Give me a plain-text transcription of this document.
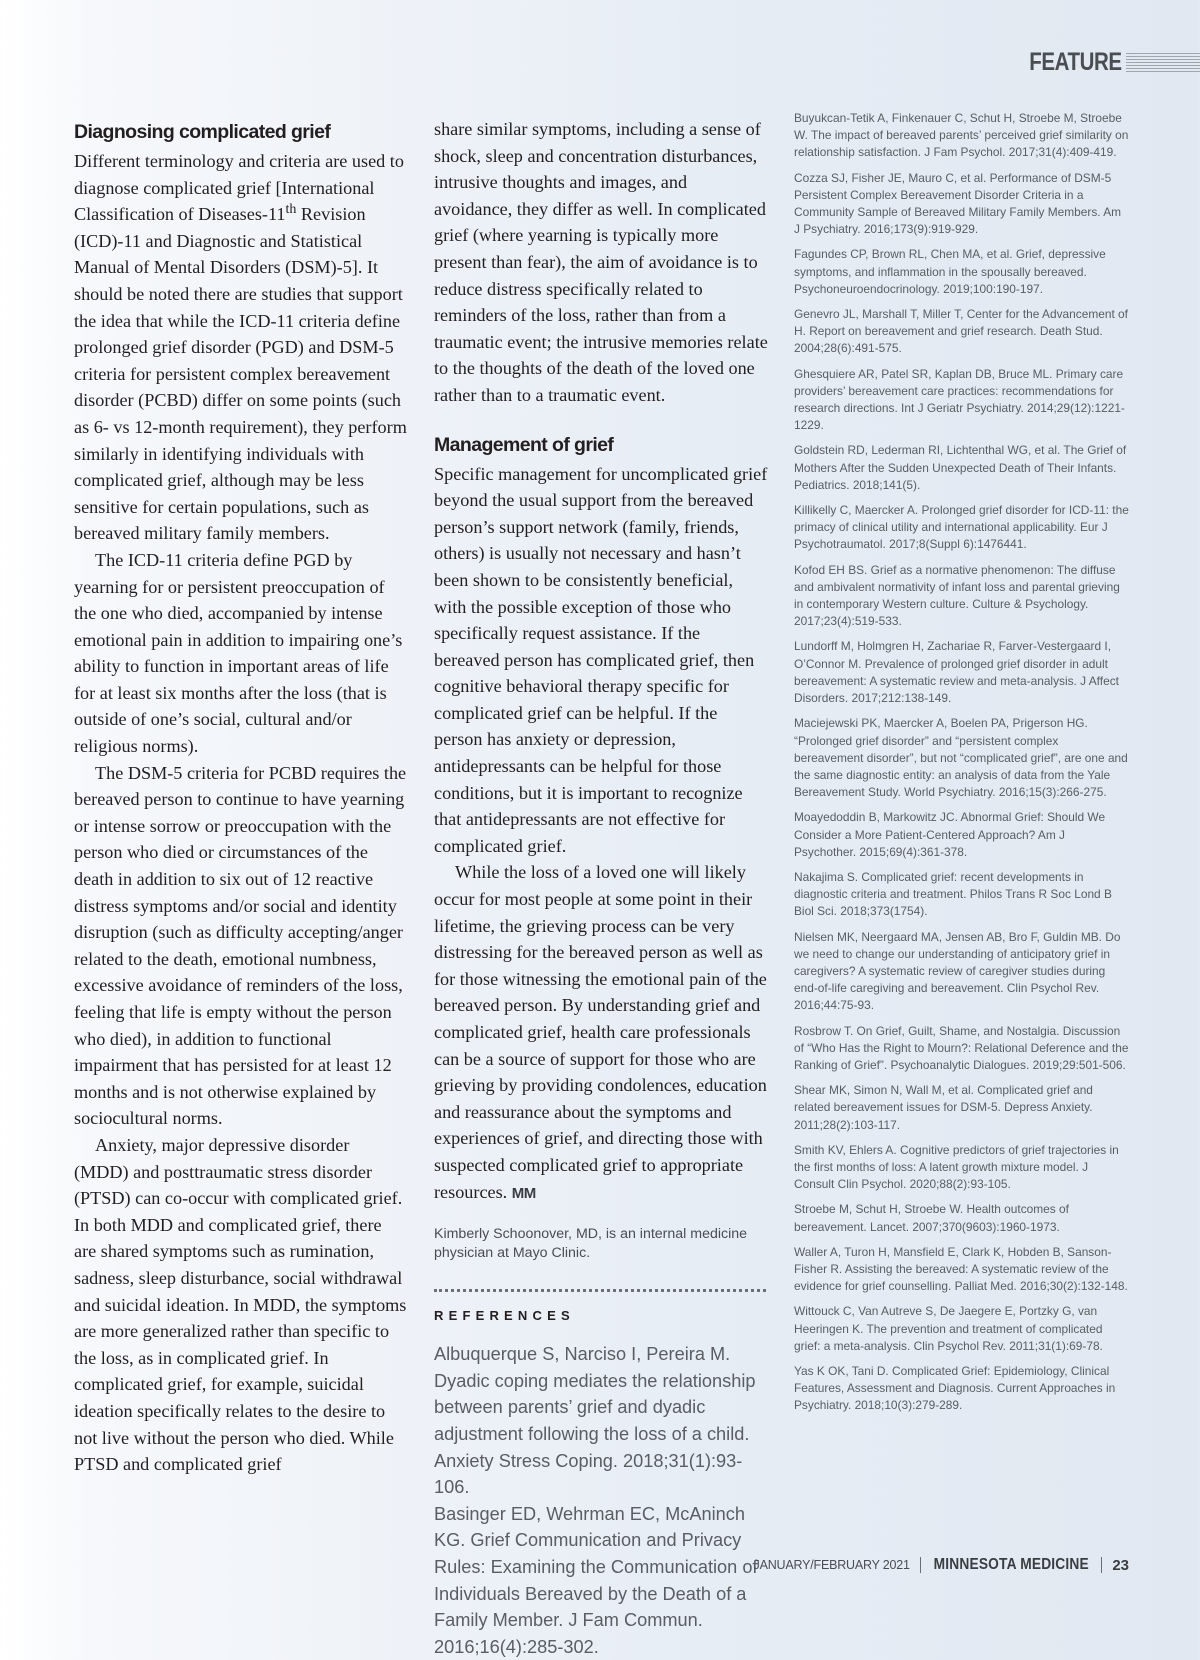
FEATURE
Diagnosing complicated grief

Different terminology and criteria are used to diagnose complicated grief [International Classification of Diseases-11th Revision (ICD)-11 and Diagnostic and Statistical Manual of Mental Disorders (DSM)-5]. It should be noted there are studies that support the idea that while the ICD-11 criteria define prolonged grief disorder (PGD) and DSM-5 criteria for persistent complex bereavement disorder (PCBD) differ on some points (such as 6- vs 12-month requirement), they perform similarly in identifying individuals with complicated grief, although may be less sensitive for certain populations, such as bereaved military family members.

The ICD-11 criteria define PGD by yearning for or persistent preoccupation of the one who died, accompanied by intense emotional pain in addition to impairing one’s ability to function in important areas of life for at least six months after the loss (that is outside of one’s social, cultural and/or religious norms).

The DSM-5 criteria for PCBD requires the bereaved person to continue to have yearning or intense sorrow or preoccupation with the person who died or circumstances of the death in addition to six out of 12 reactive distress symptoms and/or social and identity disruption (such as difficulty accepting/anger related to the death, emotional numbness, excessive avoidance of reminders of the loss, feeling that life is empty without the person who died), in addition to functional impairment that has persisted for at least 12 months and is not otherwise explained by sociocultural norms.

Anxiety, major depressive disorder (MDD) and posttraumatic stress disorder (PTSD) can co-occur with complicated grief. In both MDD and complicated grief, there are shared symptoms such as rumination, sadness, sleep disturbance, social withdrawal and suicidal ideation. In MDD, the symptoms are more generalized rather than specific to the loss, as in complicated grief. In complicated grief, for example, suicidal ideation specifically relates to the desire to not live without the person who died. While PTSD and complicated grief

share similar symptoms, including a sense of shock, sleep and concentration disturbances, intrusive thoughts and images, and avoidance, they differ as well. In complicated grief (where yearning is typically more present than fear), the aim of avoidance is to reduce distress specifically related to reminders of the loss, rather than from a traumatic event; the intrusive memories relate to the thoughts of the death of the loved one rather than to a traumatic event.

Management of grief

Specific management for uncomplicated grief beyond the usual support from the bereaved person’s support network (family, friends, others) is usually not necessary and hasn’t been shown to be consistently beneficial, with the possible exception of those who specifically request assistance. If the bereaved person has complicated grief, then cognitive behavioral therapy specific for complicated grief can be helpful. If the person has anxiety or depression, antidepressants can be helpful for those conditions, but it is important to recognize that antidepressants are not effective for complicated grief.

While the loss of a loved one will likely occur for most people at some point in their lifetime, the grieving process can be very distressing for the bereaved person as well as for those witnessing the emotional pain of the bereaved person. By understanding grief and complicated grief, health care professionals can be a source of support for those who are grieving by providing condolences, education and reassurance about the symptoms and experiences of grief, and directing those with suspected complicated grief to appropriate resources. MM

Kimberly Schoonover, MD, is an internal medicine physician at Mayo Clinic.
REFERENCES

Albuquerque S, Narciso I, Pereira M. Dyadic coping mediates the relationship between parents’ grief and dyadic adjustment following the loss of a child. Anxiety Stress Coping. 2018;31(1):93-106.

Basinger ED, Wehrman EC, McAninch KG. Grief Communication and Privacy Rules: Examining the Communication of Individuals Bereaved by the Death of a Family Member. J Fam Commun. 2016;16(4):285-302.

Buyukcan-Tetik A, Finkenauer C, Schut H, Stroebe M, Stroebe W. The impact of bereaved parents’ perceived grief similarity on relationship satisfaction. J Fam Psychol. 2017;31(4):409-419.

Cozza SJ, Fisher JE, Mauro C, et al. Performance of DSM-5 Persistent Complex Bereavement Disorder Criteria in a Community Sample of Bereaved Military Family Members. Am J Psychiatry. 2016;173(9):919-929.

Fagundes CP, Brown RL, Chen MA, et al. Grief, depressive symptoms, and inflammation in the spousally bereaved. Psychoneuroendocrinology. 2019;100:190-197.

Genevro JL, Marshall T, Miller T, Center for the Advancement of H. Report on bereavement and grief research. Death Stud. 2004;28(6):491-575.

Ghesquiere AR, Patel SR, Kaplan DB, Bruce ML. Primary care providers’ bereavement care practices: recommendations for research directions. Int J Geriatr Psychiatry. 2014;29(12):1221-1229.

Goldstein RD, Lederman RI, Lichtenthal WG, et al. The Grief of Mothers After the Sudden Unexpected Death of Their Infants. Pediatrics. 2018;141(5).

Killikelly C, Maercker A. Prolonged grief disorder for ICD-11: the primacy of clinical utility and international applicability. Eur J Psychotraumatol. 2017;8(Suppl 6):1476441.

Kofod EH BS. Grief as a normative phenomenon: The diffuse and ambivalent normativity of infant loss and parental grieving in contemporary Western culture. Culture & Psychology. 2017;23(4):519-533.

Lundorff M, Holmgren H, Zachariae R, Farver-Vestergaard I, O’Connor M. Prevalence of prolonged grief disorder in adult bereavement: A systematic review and meta-analysis. J Affect Disorders. 2017;212:138-149.

Maciejewski PK, Maercker A, Boelen PA, Prigerson HG. “Prolonged grief disorder” and “persistent complex bereavement disorder”, but not “complicated grief”, are one and the same diagnostic entity: an analysis of data from the Yale Bereavement Study. World Psychiatry. 2016;15(3):266-275.

Moayedoddin B, Markowitz JC. Abnormal Grief: Should We Consider a More Patient-Centered Approach? Am J Psychother. 2015;69(4):361-378.

Nakajima S. Complicated grief: recent developments in diagnostic criteria and treatment. Philos Trans R Soc Lond B Biol Sci. 2018;373(1754).

Nielsen MK, Neergaard MA, Jensen AB, Bro F, Guldin MB. Do we need to change our understanding of anticipatory grief in caregivers? A systematic review of caregiver studies during end-of-life caregiving and bereavement. Clin Psychol Rev. 2016;44:75-93.

Rosbrow T. On Grief, Guilt, Shame, and Nostalgia. Discussion of “Who Has the Right to Mourn?: Relational Deference and the Ranking of Grief”. Psychoanalytic Dialogues. 2019;29:501-506.

Shear MK, Simon N, Wall M, et al. Complicated grief and related bereavement issues for DSM-5. Depress Anxiety. 2011;28(2):103-117.

Smith KV, Ehlers A. Cognitive predictors of grief trajectories in the first months of loss: A latent growth mixture model. J Consult Clin Psychol. 2020;88(2):93-105.

Stroebe M, Schut H, Stroebe W. Health outcomes of bereavement. Lancet. 2007;370(9603):1960-1973.

Waller A, Turon H, Mansfield E, Clark K, Hobden B, Sanson-Fisher R. Assisting the bereaved: A systematic review of the evidence for grief counselling. Palliat Med. 2016;30(2):132-148.

Wittouck C, Van Autreve S, De Jaegere E, Portzky G, van Heeringen K. The prevention and treatment of complicated grief: a meta-analysis. Clin Psychol Rev. 2011;31(1):69-78.

Yas K OK, Tani D. Complicated Grief: Epidemiology, Clinical Features, Assessment and Diagnosis. Current Approaches in Psychiatry. 2018;10(3):279-289.

JANUARY/FEBRUARY 2021 MINNESOTA MEDICINE 23
